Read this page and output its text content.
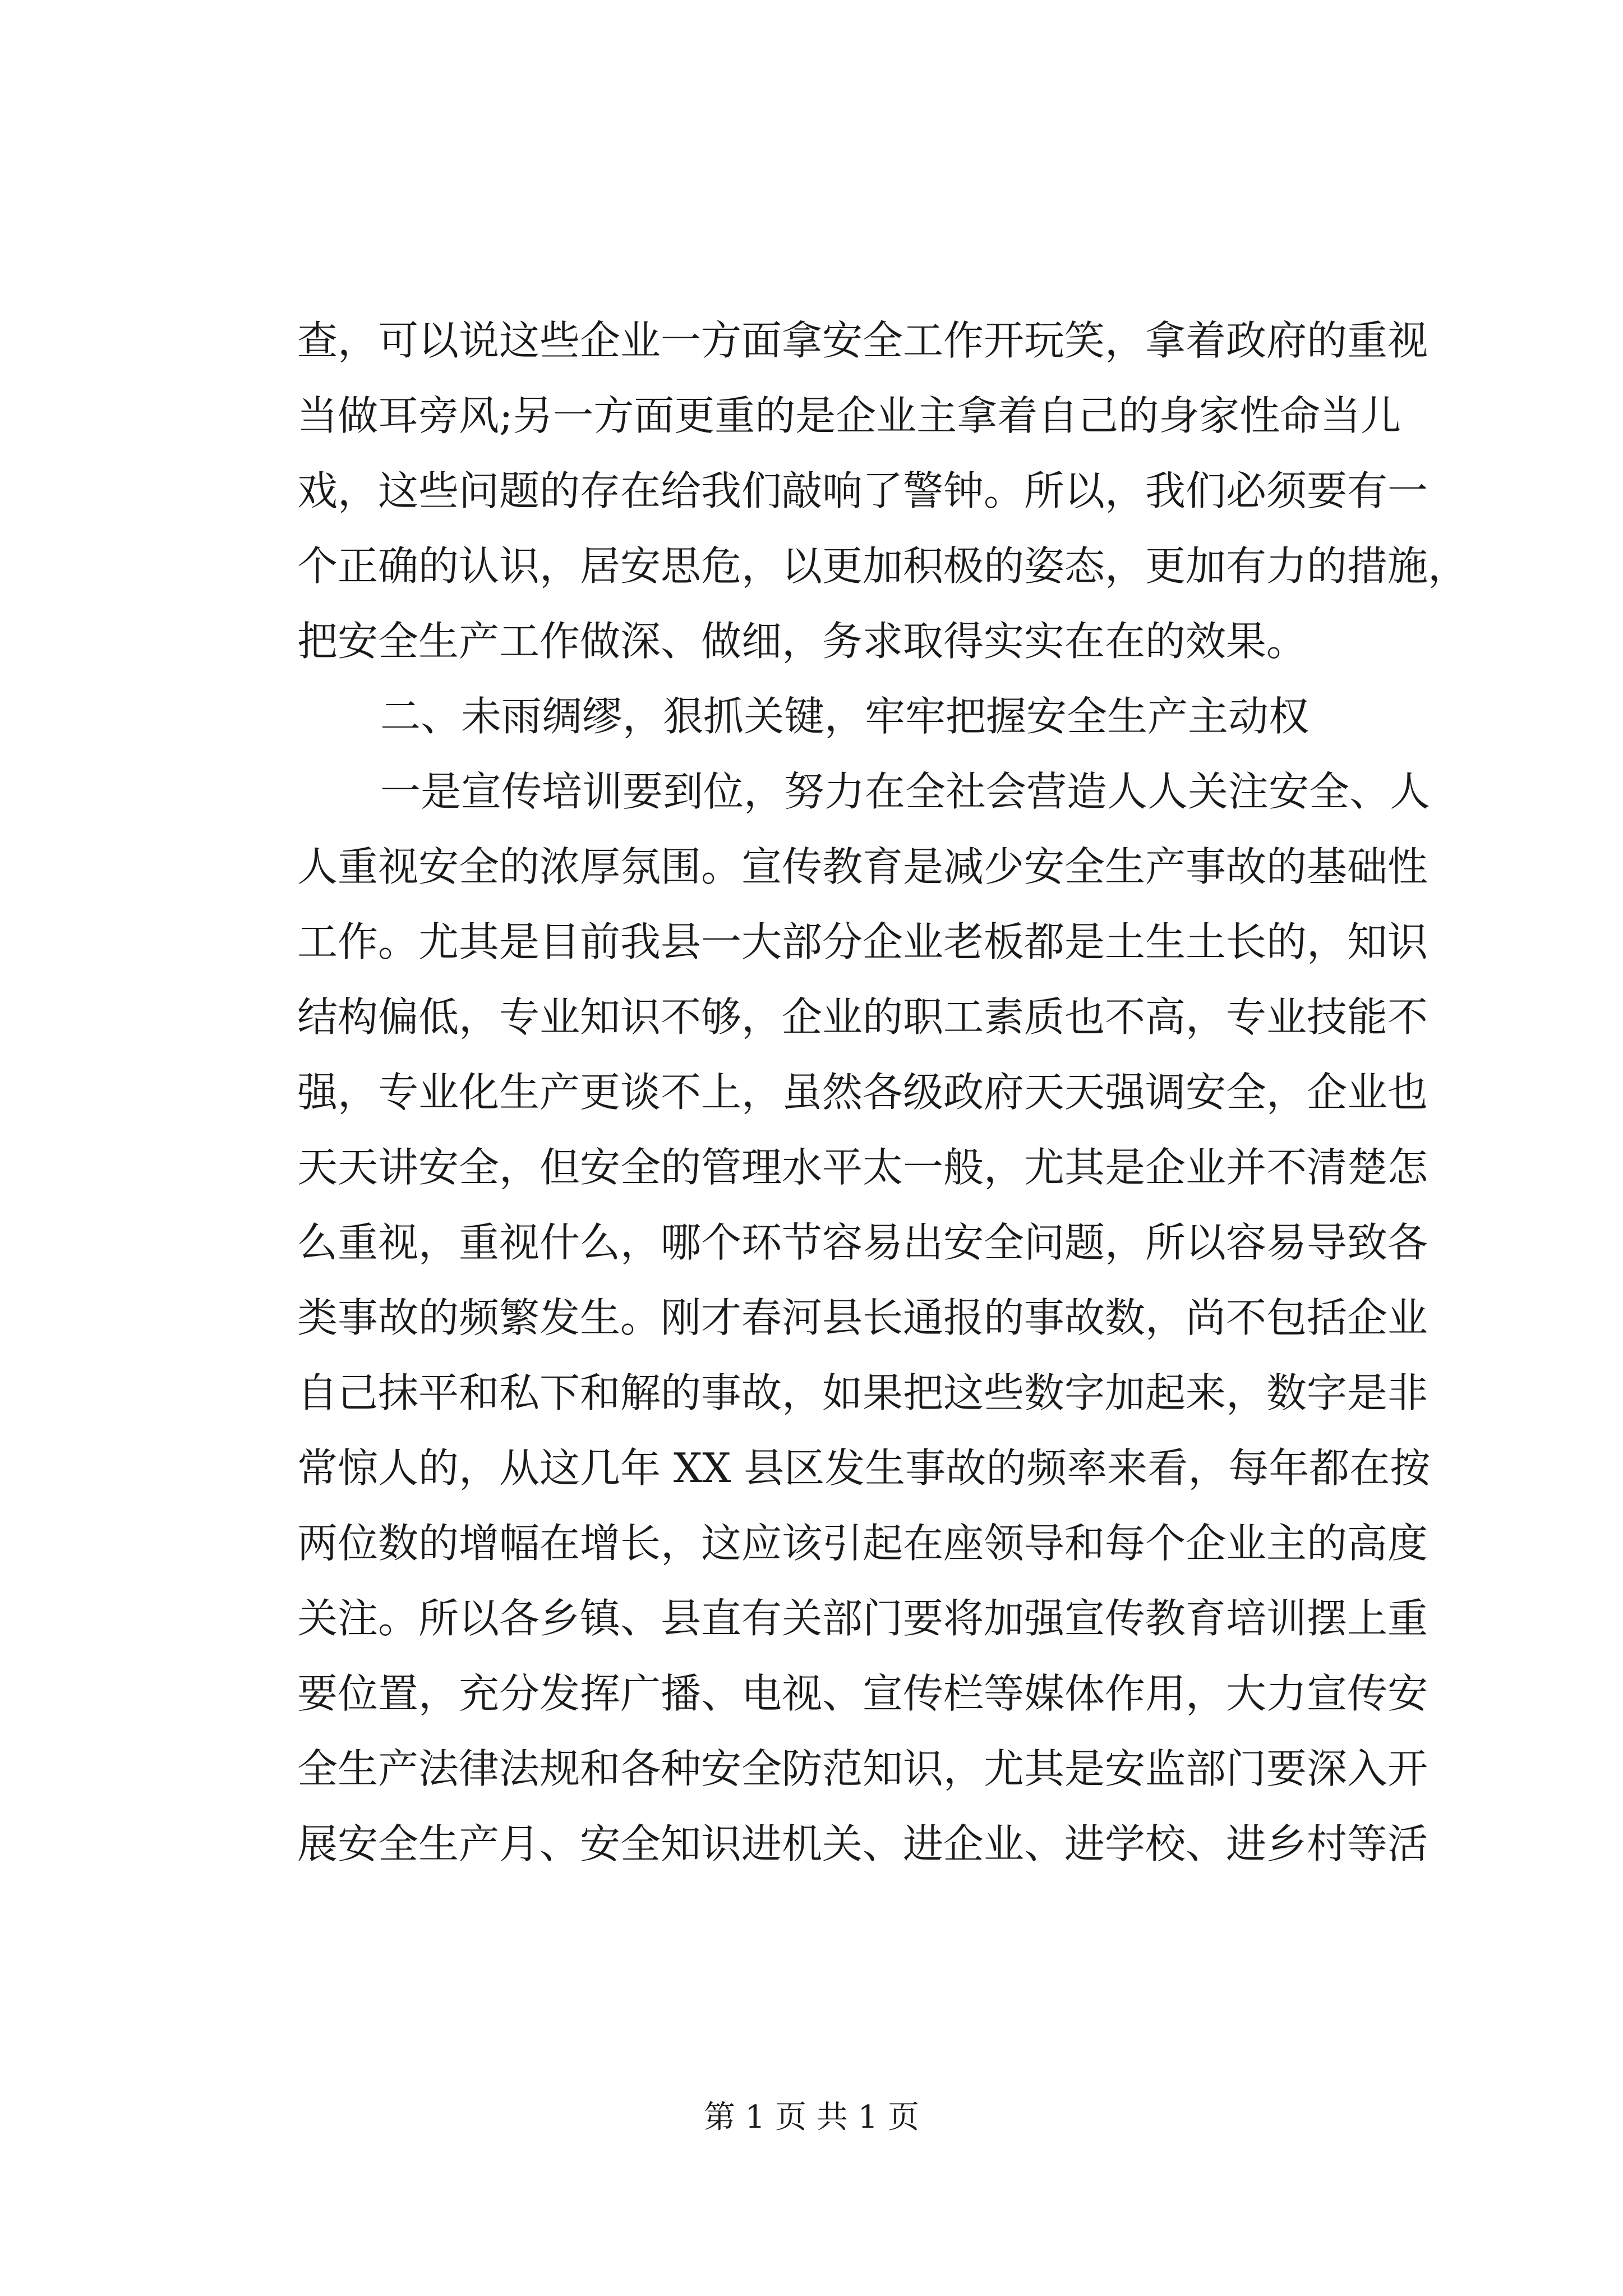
查，可以说这些企业一方面拿安全工作开玩笑，拿着政府的重视
当做耳旁风;另一方面更重的是企业主拿着自己的身家性命当儿
戏，这些问题的存在给我们敲响了警钟。所以，我们必须要有一
个正确的认识，居安思危，以更加积极的姿态，更加有力的措施，
把安全生产工作做深、做细，务求取得实实在在的效果。
二、未雨绸缪，狠抓关键，牢牢把握安全生产主动权
一是宣传培训要到位，努力在全社会营造人人关注安全、人
人重视安全的浓厚氛围。宣传教育是减少安全生产事故的基础性
工作。尤其是目前我县一大部分企业老板都是土生土长的，知识
结构偏低，专业知识不够，企业的职工素质也不高，专业技能不
强，专业化生产更谈不上，虽然各级政府天天强调安全，企业也
天天讲安全，但安全的管理水平太一般，尤其是企业并不清楚怎
么重视，重视什么，哪个环节容易出安全问题，所以容易导致各
类事故的频繁发生。刚才春河县长通报的事故数，尚不包括企业
自己抹平和私下和解的事故，如果把这些数字加起来，数字是非
常惊人的，从这几年 XX 县区发生事故的频率来看，每年都在按
两位数的增幅在增长，这应该引起在座领导和每个企业主的高度
关注。所以各乡镇、县直有关部门要将加强宣传教育培训摆上重
要位置，充分发挥广播、电视、宣传栏等媒体作用，大力宣传安
全生产法律法规和各种安全防范知识，尤其是安监部门要深入开
展安全生产月、安全知识进机关、进企业、进学校、进乡村等活
第 1 页 共 1 页
